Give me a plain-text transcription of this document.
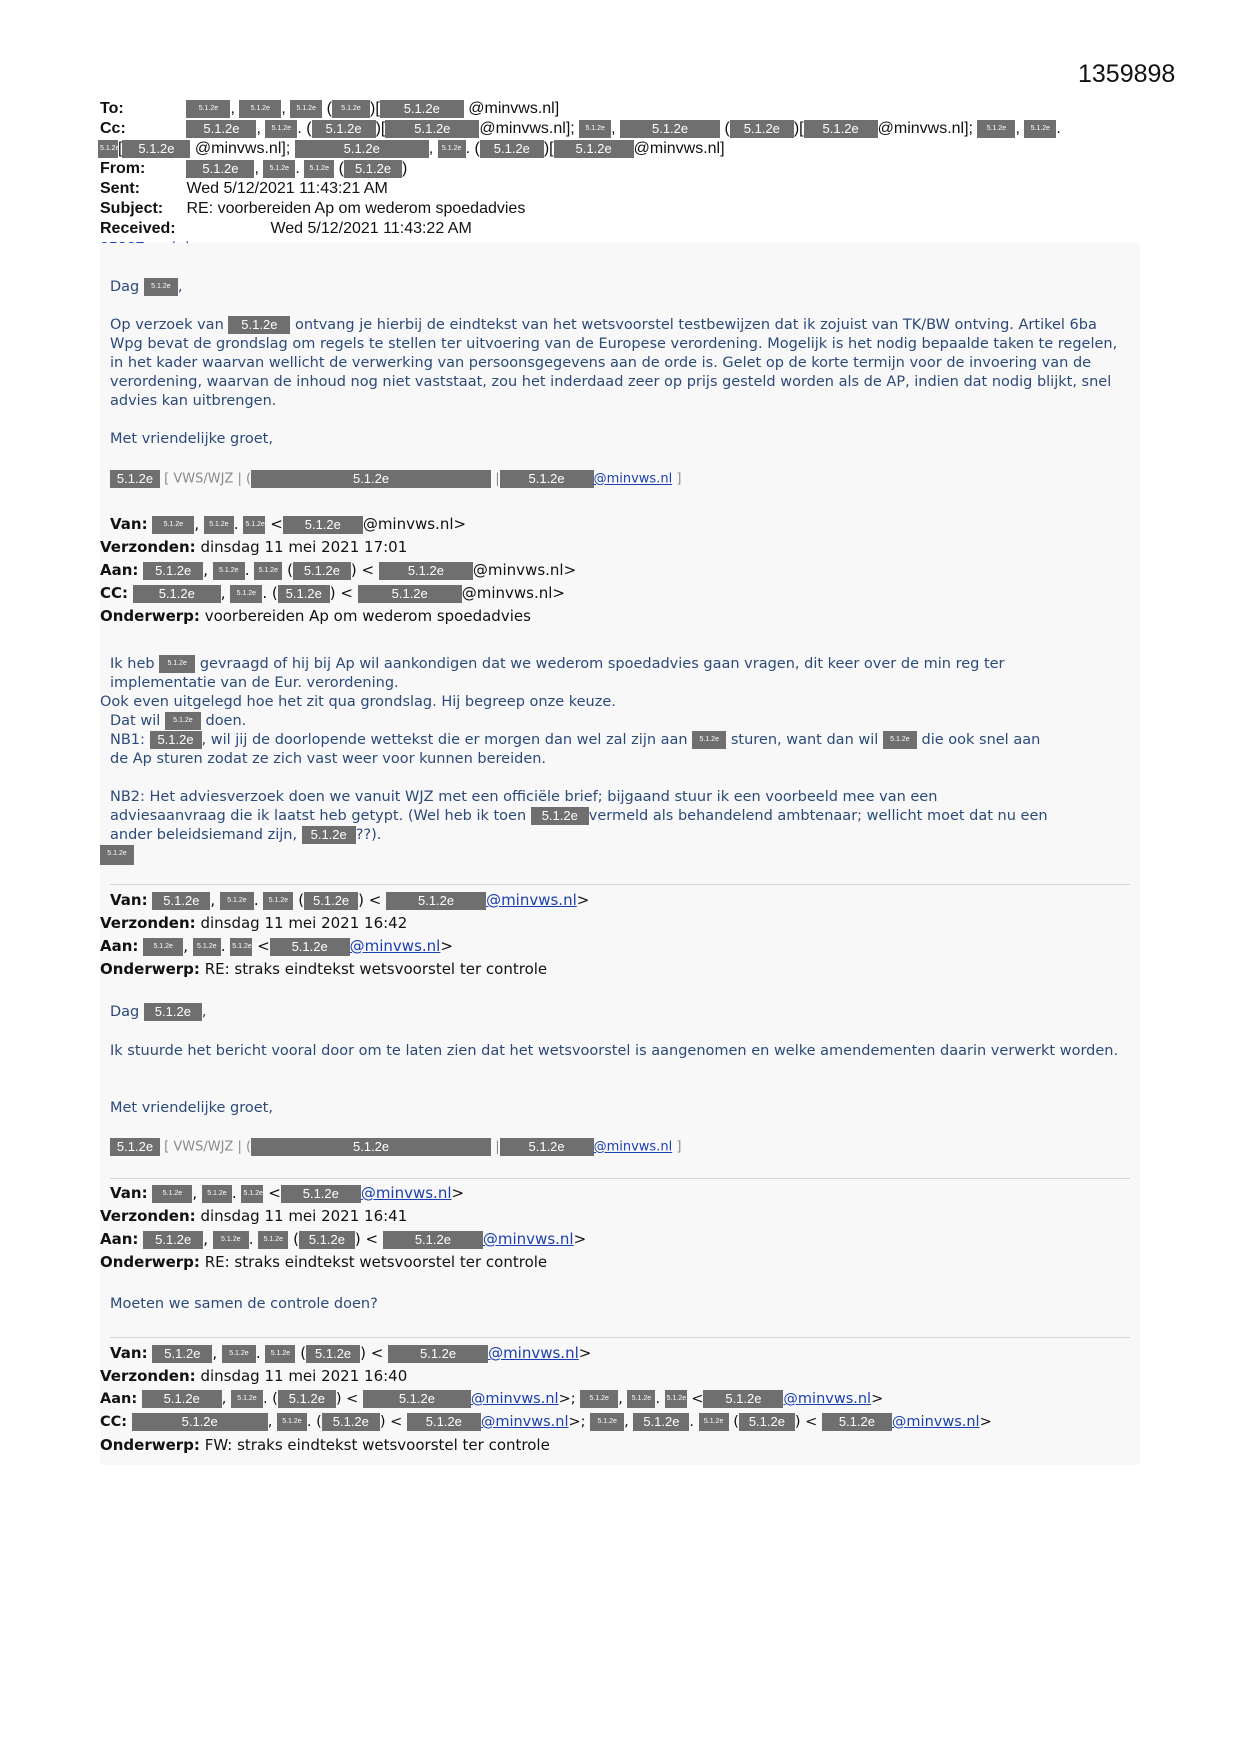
1359898
To:	5.1.2e , 5.1.2e , 5.1.2e ( 5.1.2e )[ 5.1.2e @minvws.nl]
Cc:	5.1.2e , 5.1.2e . ( 5.1.2e )[ 5.1.2e @minvws.nl]; 5.1.2e , 5.1.2e ( 5.1.2e )[ 5.1.2e @minvws.nl]; 5.1.2e , 5.1.2e .
5.1.2e[ 5.1.2e @minvws.nl];	5.1.2e	, 5.1.2e . ( 5.1.2e )[ 5.1.2e @minvws.nl]
From:	5.1.2e , 5.1.2e . 5.1.2e ( 5.1.2e )
Sent:	Wed 5/12/2021 11:43:21 AM
Subject: RE: voorbereiden Ap om wederom spoedadvies
Received:	Wed 5/12/2021 11:43:22 AM
Dag 5.1.2e ,

Op verzoek van 5.1.2e ontvang je hierbij de eindtekst van het wetsvoorstel testbewijzen dat ik zojuist van TK/BW ontving. Artikel 6ba Wpg bevat de grondslag om regels te stellen ter uitvoering van de Europese verordening. Mogelijk is het nodig bepaalde taken te regelen, in het kader waarvan wellicht de verwerking van persoonsgegevens aan de orde is. Gelet op de korte termijn voor de invoering van de verordening, waarvan de inhoud nog niet vaststaat, zou het inderdaad zeer op prijs gesteld worden als de AP, indien dat nodig blijkt, snel advies kan uitbrengen.

Met vriendelijke groet,
5.1.2e [ VWS/WJZ | (	5.1.2e	| 5.1.2e @minvws.nl ]
Van: 5.1.2e , 5.1.2e . 5.1.2e < 5.1.2e @minvws.nl>
Verzonden: dinsdag 11 mei 2021 17:01
Aan: 5.1.2e , 5.1.2e . 5.1.2e ( 5.1.2e ) < 5.1.2e @minvws.nl>
CC: 5.1.2e , 5.1.2e . ( 5.1.2e ) <	5.1.2e @minvws.nl>
Onderwerp: voorbereiden Ap om wederom spoedadvies

Ik heb 5.1.2e gevraagd of hij bij Ap wil aankondigen dat we wederom spoedadvies gaan vragen, dit keer over de min reg ter

implementatie van de Eur. verordening.

Ook even uitgelegd hoe het zit qua grondslag. Hij begreep onze keuze.

Dat wil 5.1.2e doen.

NB1: 5.1.2e , wil jij de doorlopende wettekst die er morgen dan wel zal zijn aan 5.1.2e sturen, want dan wil 5.1.2e die ook snel aan

de Ap sturen zodat ze zich vast weer voor kunnen bereiden.

NB2: Het adviesverzoek doen we vanuit WJZ met een officiële brief; bijgaand stuur ik een voorbeeld mee van een

adviesaanvraag die ik laatst heb getypt. (Wel heb ik toen 5.1.2e vermeld als behandelend ambtenaar; wellicht moet dat nu een

ander beleidsiemand zijn, 5.1.2e ??).

5.1.2e

Van: 5.1.2e , 5.1.2e . 5.1.2e ( 5.1.2e ) < 5.1.2e @minvws.nl>
Verzonden: dinsdag 11 mei 2021 16:42
Aan: 5.1.2e , 5.1.2e . 5.1.2e < 5.1.2e @minvws.nl>
Onderwerp: RE: straks eindtekst wetsvoorstel ter controle
Dag 5.1.2e ,
Ik stuurde het bericht vooral door om te laten zien dat het wetsvoorstel is aangenomen en welke amendementen daarin verwerkt worden.
Met vriendelijke groet,
5.1.2e [ VWS/WJZ | (	5.1.2e	| 5.1.2e @minvws.nl ]
Van: 5.1.2e , 5.1.2e . 5.1.2e < 5.1.2e @minvws.nl>
Verzonden: dinsdag 11 mei 2021 16:41
Aan: 5.1.2e , 5.1.2e . 5.1.2e ( 5.1.2e ) < 5.1.2e @minvws.nl>
Onderwerp: RE: straks eindtekst wetsvoorstel ter controle
Moeten we samen de controle doen?
Van: 5.1.2e , 5.1.2e . 5.1.2e ( 5.1.2e ) < 5.1.2e @minvws.nl>
Verzonden: dinsdag 11 mei 2021 16:40
Aan: 5.1.2e , 5.1.2e . ( 5.1.2e ) <	5.1.2e @minvws.nl>; 5.1.2e , 5.1.2e . 5.1.2e < 5.1.2e @minvws.nl>
CC:	5.1.2e	, 5.1.2e . ( 5.1.2e ) < 5.1.2e @minvws.nl>; 5.1.2e , 5.1.2e . 5.1.2e ( 5.1.2e ) < 5.1.2e @minvws.nl>
Onderwerp: FW: straks eindtekst wetsvoorstel ter controle
